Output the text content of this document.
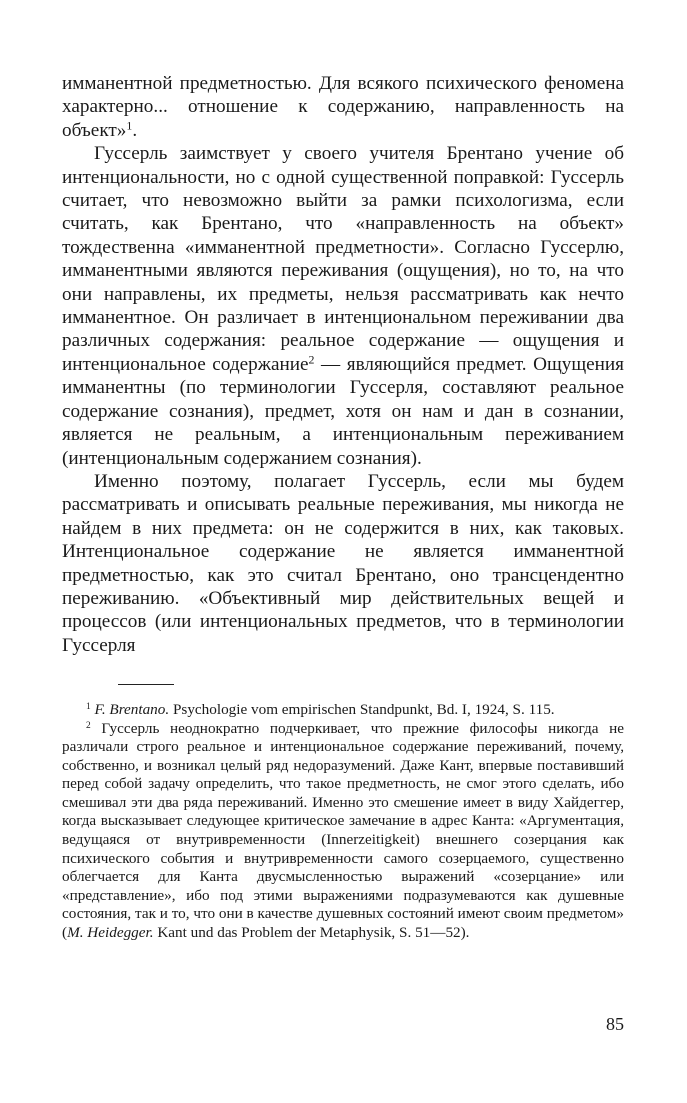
имманентной предметностью. Для всякого психического феномена характерно... отношение к содержанию, направленность на объект»$^1$.

Гуссерль заимствует у своего учителя Брентано учение об интенциональности, но с одной существенной поправкой: Гуссерль считает, что невозможно выйти за рамки психологизма, если считать, как Брентано, что «направленность на объект» тождественна «имманентной предметности». Согласно Гуссерлю, имманентными являются переживания (ощущения), но то, на что они направлены, их предметы, нельзя рассматривать как нечто имманентное. Он различает в интенциональном переживании два различных содержания: реальное содержание — ощущения и интенциональное содержание$^2$ — являющийся предмет. Ощущения имманентны (по терминологии Гуссерля, составляют реальное содержание сознания), предмет, хотя он нам и дан в сознании, является не реальным, а интенциональным переживанием (интенциональным содержанием сознания).

Именно поэтому, полагает Гуссерль, если мы будем рассматривать и описывать реальные переживания, мы никогда не найдем в них предмета: он не содержится в них, как таковых. Интенциональное содержание не является имманентной предметностью, как это считал Брентано, оно трансцендентно переживанию. «Объективный мир действительных вещей и процессов (или интенциональных предметов, что в терминологии Гуссерля

$^1$ F. Brentano. Psychologie vom empirischen Standpunkt, Bd. I, 1924, S. 115.

$^2$ Гуссерль неоднократно подчеркивает, что прежние философы никогда не различали строго реальное и интенциональное содержание переживаний, почему, собственно, и возникал целый ряд недоразумений. Даже Кант, впервые поставивший перед собой задачу определить, что такое предметность, не смог этого сделать, ибо смешивал эти два ряда переживаний. Именно это смешение имеет в виду Хайдеггер, когда высказывает следующее критическое замечание в адрес Канта: «Аргументация, ведущаяся от внутривременности (Innerzeitigkeit) внешнего созерцания как психического события и внутривременности самого созерцаемого, существенно облегчается для Канта двусмысленностью выражений «созерцание» или «представление», ибо под этими выражениями подразумеваются как душевные состояния, так и то, что они в качестве душевных состояний имеют своим предметом» (M. Heidegger. Kant und das Problem der Metaphysik, S. 51—52).

85
